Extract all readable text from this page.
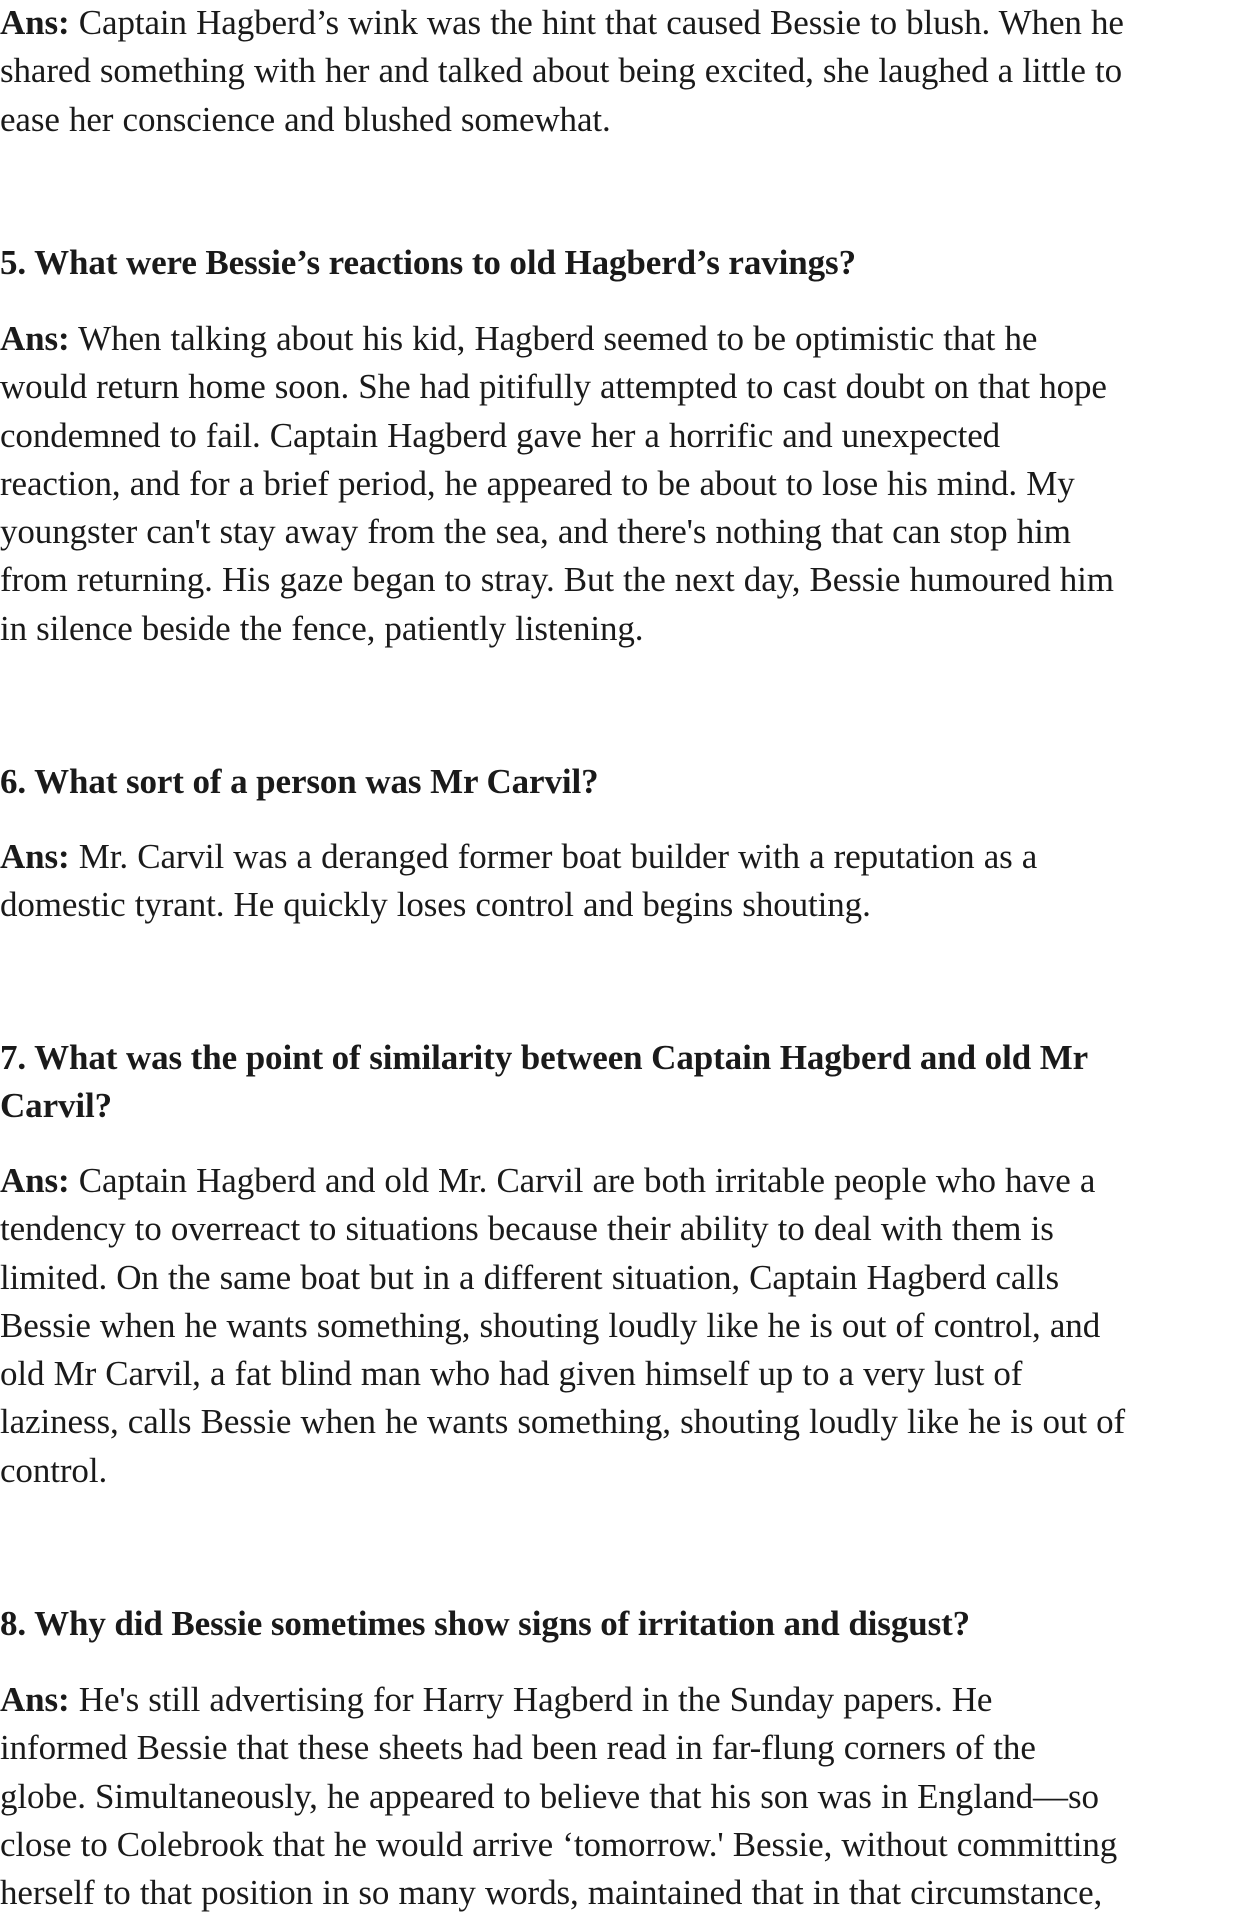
Ans: Captain Hagberd’s wink was the hint that caused Bessie to blush. When he
shared something with her and talked about being excited, she laughed a little to
ease her conscience and blushed somewhat.
5. What were Bessie’s reactions to old Hagberd’s ravings?
Ans: When talking about his kid, Hagberd seemed to be optimistic that he
would return home soon. She had pitifully attempted to cast doubt on that hope
condemned to fail. Captain Hagberd gave her a horrific and unexpected
reaction, and for a brief period, he appeared to be about to lose his mind. My
youngster can't stay away from the sea, and there's nothing that can stop him
from returning. His gaze began to stray. But the next day, Bessie humoured him
in silence beside the fence, patiently listening.
6. What sort of a person was Mr Carvil?
Ans: Mr. Carvil was a deranged former boat builder with a reputation as a
domestic tyrant. He quickly loses control and begins shouting.
7. What was the point of similarity between Captain Hagberd and old Mr
Carvil?
Ans: Captain Hagberd and old Mr. Carvil are both irritable people who have a
tendency to overreact to situations because their ability to deal with them is
limited. On the same boat but in a different situation, Captain Hagberd calls
Bessie when he wants something, shouting loudly like he is out of control, and
old Mr Carvil, a fat blind man who had given himself up to a very lust of
laziness, calls Bessie when he wants something, shouting loudly like he is out of
control.
8. Why did Bessie sometimes show signs of irritation and disgust?
Ans: He's still advertising for Harry Hagberd in the Sunday papers. He
informed Bessie that these sheets had been read in far-flung corners of the
globe. Simultaneously, he appeared to believe that his son was in England—so
close to Colebrook that he would arrive ‘tomorrow.' Bessie, without committing
herself to that position in so many words, maintained that in that circumstance,
